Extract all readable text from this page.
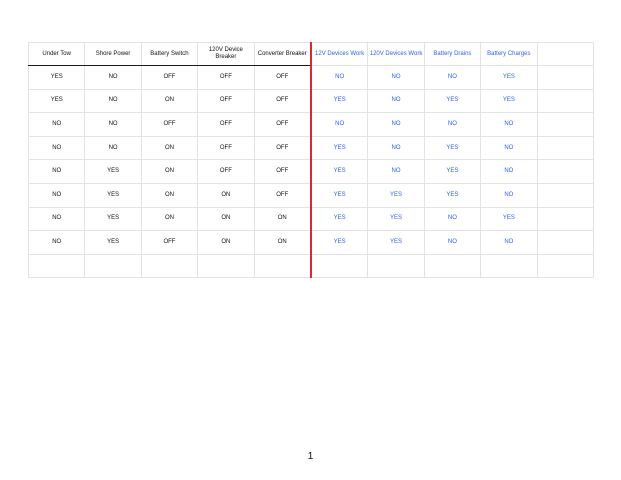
Under Tow	Shore Power	Battery Switch	120V Device Breaker	Converter Breaker	12V Devices Work	120V Devices Work	Battery Drains	Battery Charges	
YES	NO	OFF	OFF	OFF	NO	NO	NO	YES	
YES	NO	ON	OFF	OFF	YES	NO	YES	YES	
NO	NO	OFF	OFF	OFF	NO	NO	NO	NO	
NO	NO	ON	OFF	OFF	YES	NO	YES	NO	
NO	YES	ON	OFF	OFF	YES	NO	YES	NO	
NO	YES	ON	ON	OFF	YES	YES	YES	NO	
NO	YES	ON	ON	ON	YES	YES	NO	YES	
NO	YES	OFF	ON	ON	YES	YES	NO	NO	

1
